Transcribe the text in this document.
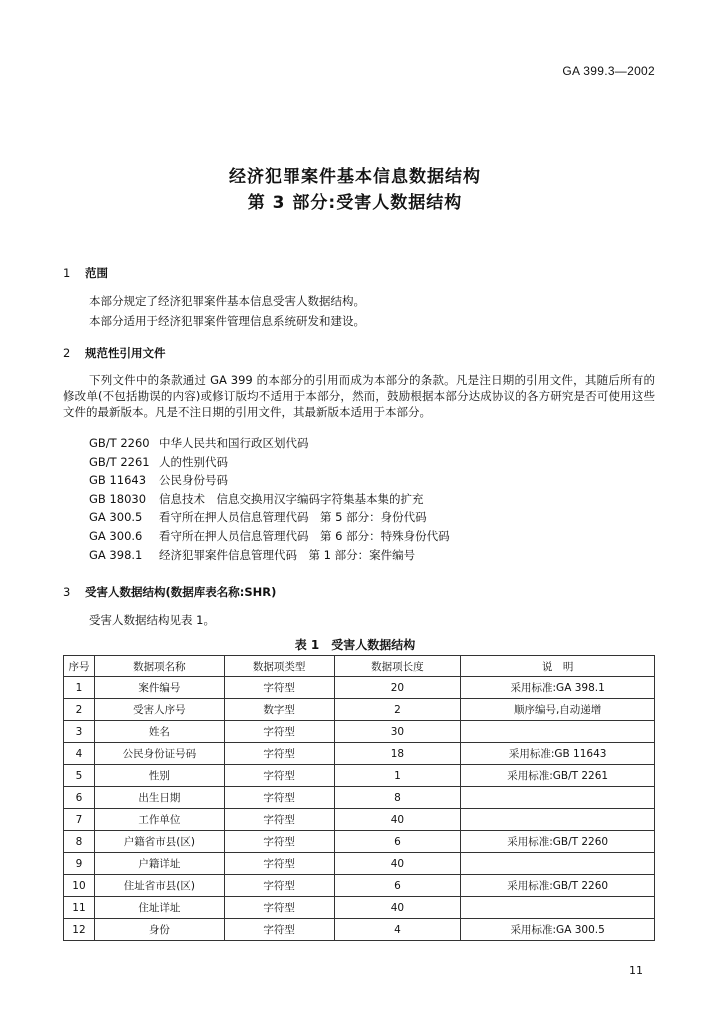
GA 399.3—2002
经济犯罪案件基本信息数据结构
第 3 部分:受害人数据结构
1 范围
本部分规定了经济犯罪案件基本信息受害人数据结构。
本部分适用于经济犯罪案件管理信息系统研发和建设。
2 规范性引用文件
下列文件中的条款通过 GA 399 的本部分的引用而成为本部分的条款。凡是注日期的引用文件，其随后所有的修改单(不包括勘误的内容)或修订版均不适用于本部分，然而，鼓励根据本部分达成协议的各方研究是否可使用这些文件的最新版本。凡是不注日期的引用文件，其最新版本适用于本部分。
GB/T 2260 中华人民共和国行政区划代码
GB/T 2261 人的性别代码
GB 11643 公民身份号码
GB 18030 信息技术　信息交换用汉字编码字符集基本集的扩充
GA 300.5 看守所在押人员信息管理代码　第 5 部分：身份代码
GA 300.6 看守所在押人员信息管理代码　第 6 部分：特殊身份代码
GA 398.1 经济犯罪案件信息管理代码　第 1 部分：案件编号
3 受害人数据结构(数据库表名称:SHR)
受害人数据结构见表 1。
表 1　受害人数据结构
序号	数据项名称	数据项类型	数据项长度	说　明
1	案件编号	字符型	20	采用标准:GA 398.1
2	受害人序号	数字型	2	顺序编号,自动递增
3	姓名	字符型	30	
4	公民身份证号码	字符型	18	采用标准:GB 11643
5	性别	字符型	1	采用标准:GB/T 2261
6	出生日期	字符型	8	
7	工作单位	字符型	40	
8	户籍省市县(区)	字符型	6	采用标准:GB/T 2260
9	户籍详址	字符型	40	
10	住址省市县(区)	字符型	6	采用标准:GB/T 2260
11	住址详址	字符型	40	
12	身份	字符型	4	采用标准:GA 300.5
11
